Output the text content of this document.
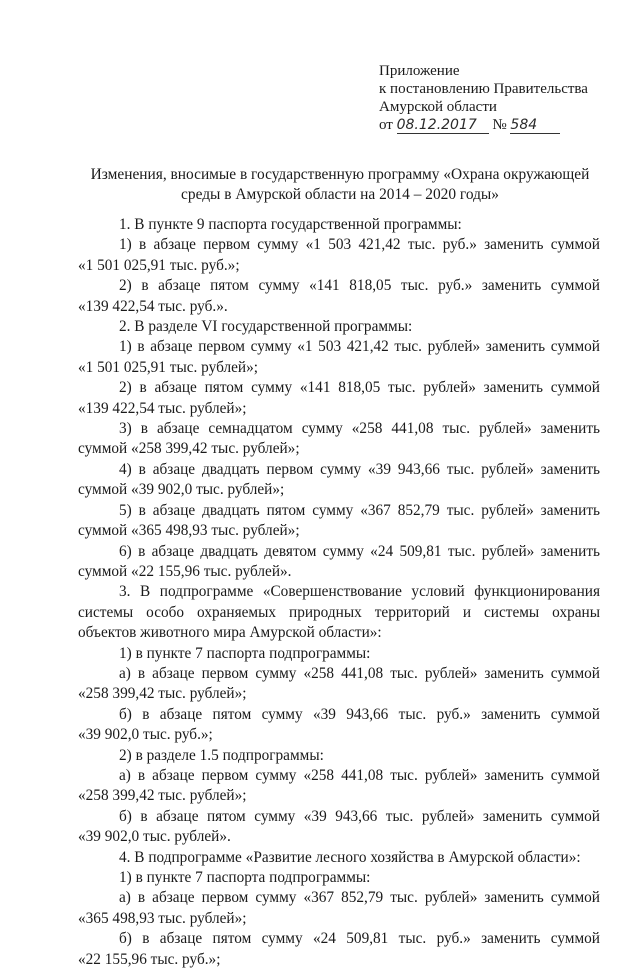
Приложение
к постановлению Правительства
Амурской области
от 08.12.2017 № 584
Изменения, вносимые в государственную программу «Охрана окружающей
среды в Амурской области на 2014 – 2020 годы»
1. В пункте 9 паспорта государственной программы:
1) в абзаце первом сумму «1 503 421,42 тыс. руб.» заменить суммой
«1 501 025,91 тыс. руб.»;
2) в абзаце пятом сумму «141 818,05 тыс. руб.» заменить суммой
«139 422,54 тыс. руб.».
2. В разделе VI государственной программы:
1) в абзаце первом сумму «1 503 421,42 тыс. рублей» заменить суммой
«1 501 025,91 тыс. рублей»;
2) в абзаце пятом сумму «141 818,05 тыс. рублей» заменить суммой
«139 422,54 тыс. рублей»;
3) в абзаце семнадцатом сумму «258 441,08 тыс. рублей» заменить
суммой «258 399,42 тыс. рублей»;
4) в абзаце двадцать первом сумму «39 943,66 тыс. рублей» заменить
суммой «39 902,0 тыс. рублей»;
5) в абзаце двадцать пятом сумму «367 852,79 тыс. рублей» заменить
суммой «365 498,93 тыс. рублей»;
6) в абзаце двадцать девятом сумму «24 509,81 тыс. рублей» заменить
суммой «22 155,96 тыс. рублей».
3. В подпрограмме «Совершенствование условий функционирования
системы особо охраняемых природных территорий и системы охраны
объектов животного мира Амурской области»:
1) в пункте 7 паспорта подпрограммы:
а) в абзаце первом сумму «258 441,08 тыс. рублей» заменить суммой
«258 399,42 тыс. рублей»;
б) в абзаце пятом сумму «39 943,66 тыс. руб.» заменить суммой
«39 902,0 тыс. руб.»;
2) в разделе 1.5 подпрограммы:
а) в абзаце первом сумму «258 441,08 тыс. рублей» заменить суммой
«258 399,42 тыс. рублей»;
б) в абзаце пятом сумму «39 943,66 тыс. рублей» заменить суммой
«39 902,0 тыс. рублей».
4. В подпрограмме «Развитие лесного хозяйства в Амурской области»:
1) в пункте 7 паспорта подпрограммы:
а) в абзаце первом сумму «367 852,79 тыс. рублей» заменить суммой
«365 498,93 тыс. рублей»;
б) в абзаце пятом сумму «24 509,81 тыс. руб.» заменить суммой
«22 155,96 тыс. руб.»;
